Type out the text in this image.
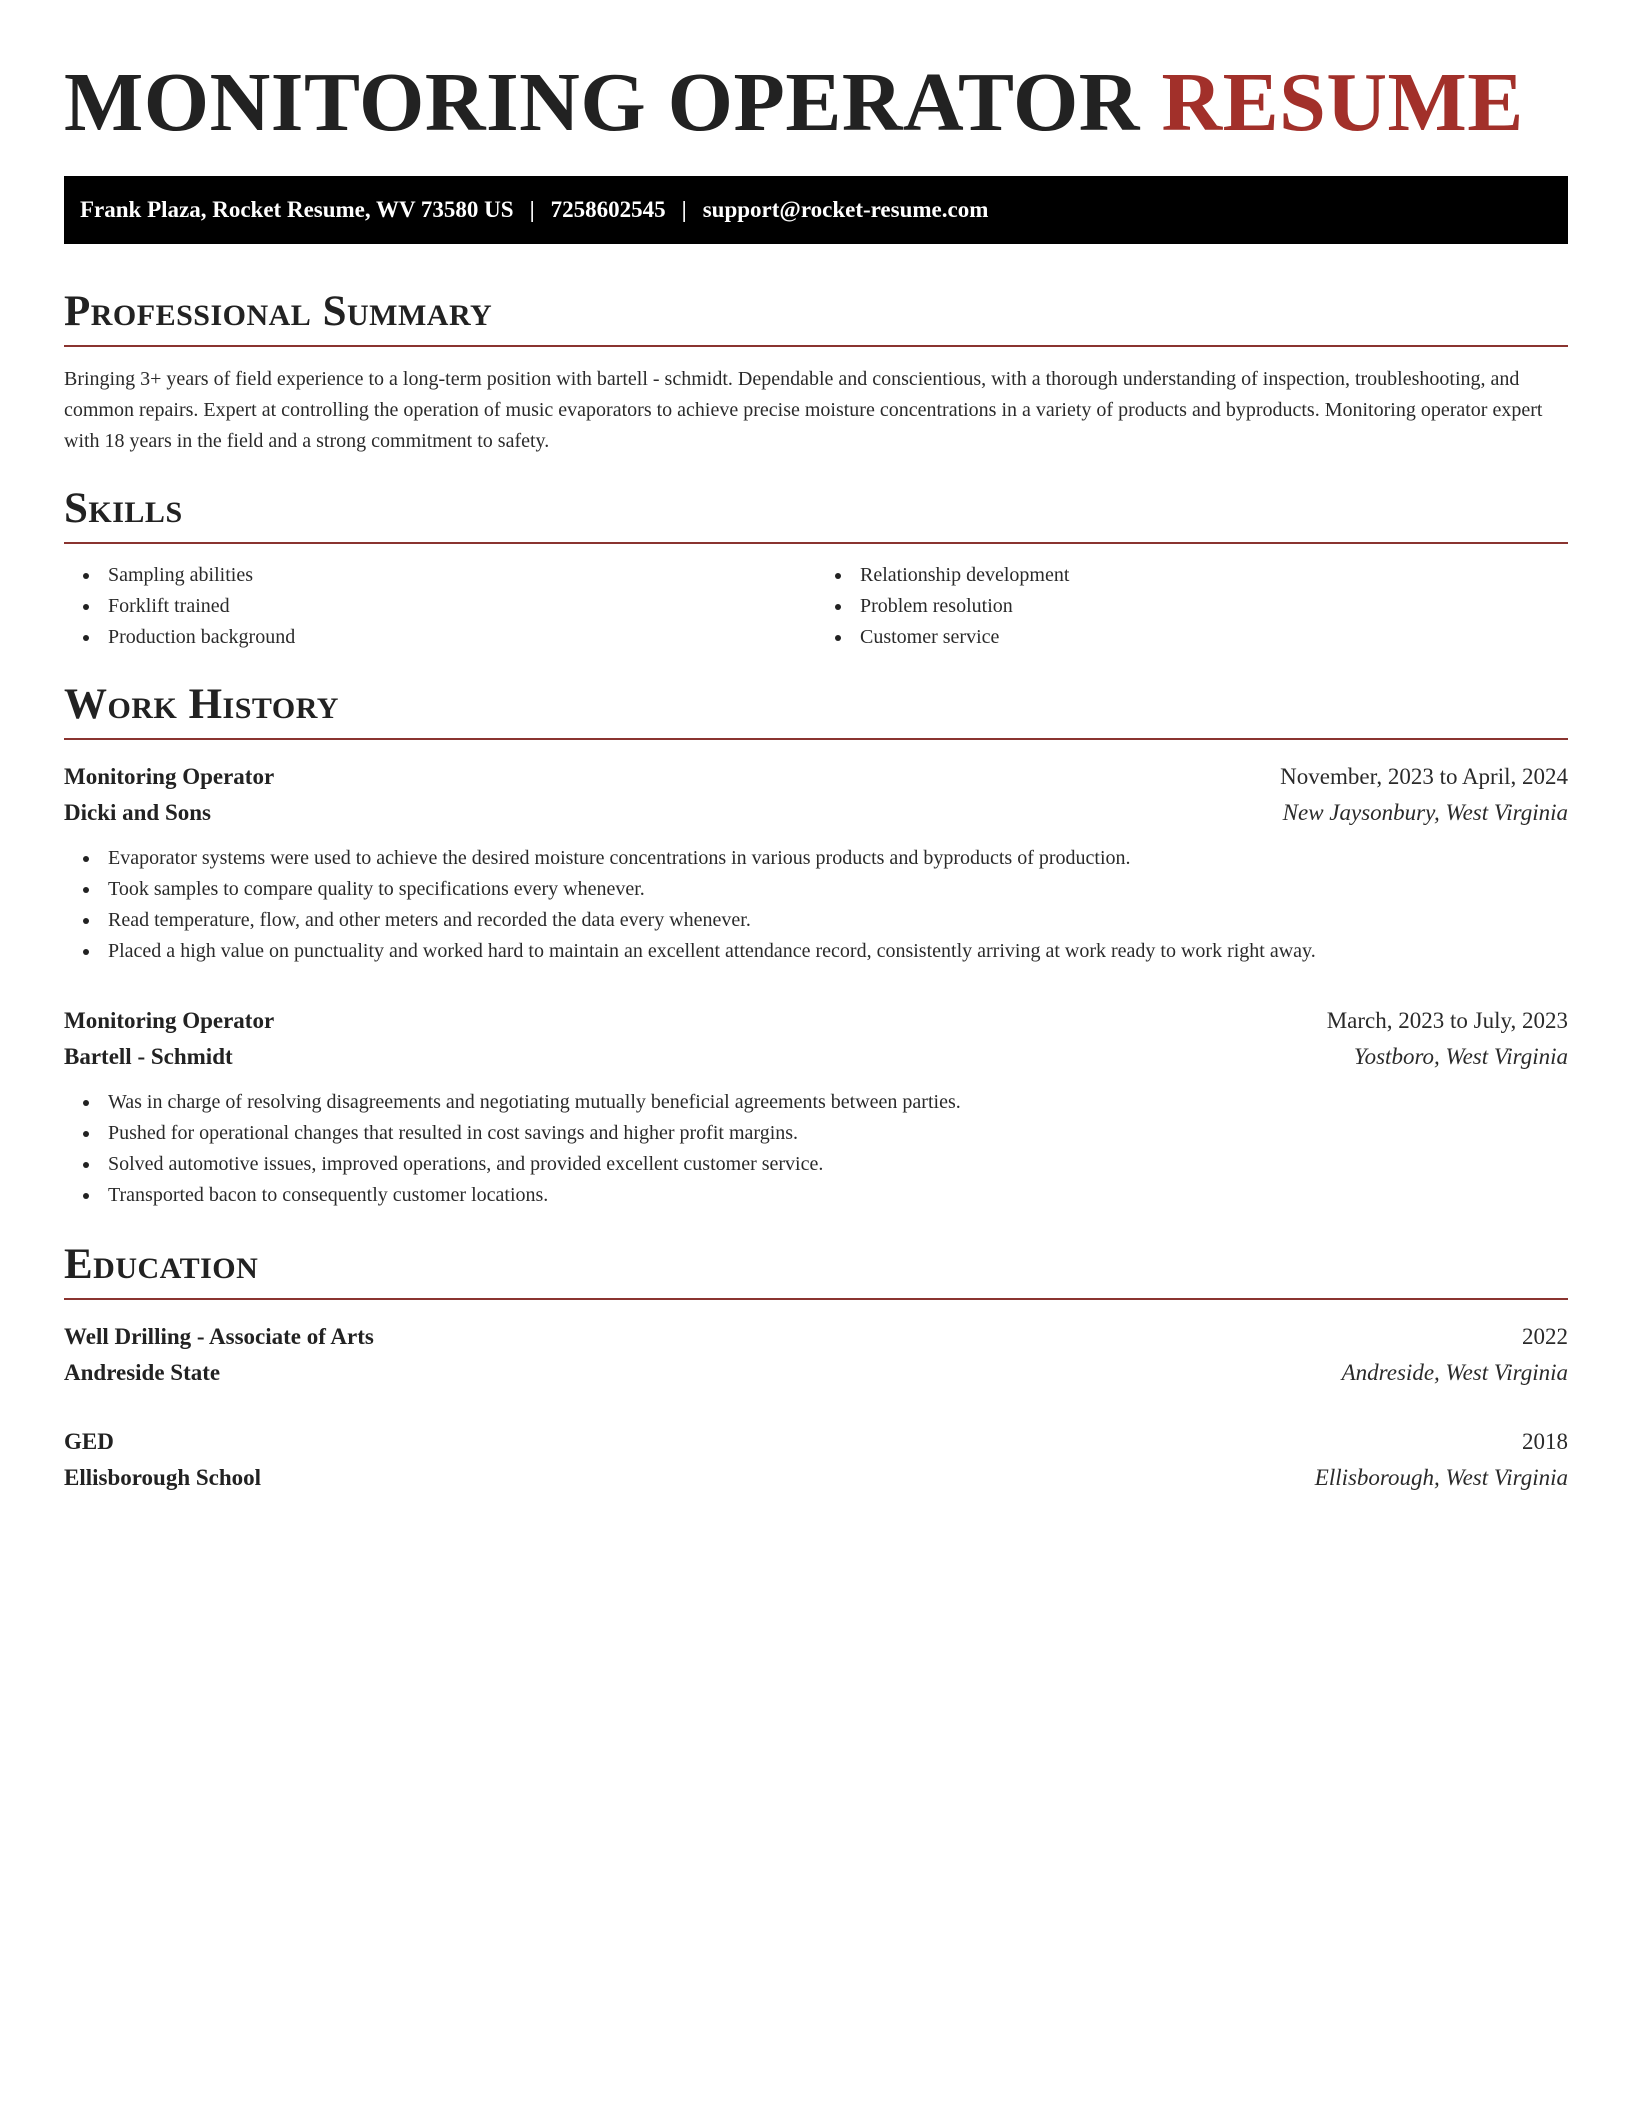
MONITORING OPERATOR RESUME
Frank Plaza, Rocket Resume, WV 73580 US | 7258602545 | support@rocket-resume.com
Professional Summary

Bringing 3+ years of field experience to a long-term position with bartell - schmidt. Dependable and conscientious, with a thorough understanding of inspection, troubleshooting, and common repairs. Expert at controlling the operation of music evaporators to achieve precise moisture concentrations in a variety of products and byproducts. Monitoring operator expert with 18 years in the field and a strong commitment to safety.

Skills
Sampling abilities
Forklift trained
Production background
Relationship development
Problem resolution
Customer service
Work History
Monitoring Operator	November, 2023 to April, 2024
Dicki and Sons	New Jaysonbury, West Virginia
Evaporator systems were used to achieve the desired moisture concentrations in various products and byproducts of production.
Took samples to compare quality to specifications every whenever.
Read temperature, flow, and other meters and recorded the data every whenever.
Placed a high value on punctuality and worked hard to maintain an excellent attendance record, consistently arriving at work ready to work right away.
Monitoring Operator	March, 2023 to July, 2023
Bartell - Schmidt	Yostboro, West Virginia
Was in charge of resolving disagreements and negotiating mutually beneficial agreements between parties.
Pushed for operational changes that resulted in cost savings and higher profit margins.
Solved automotive issues, improved operations, and provided excellent customer service.
Transported bacon to consequently customer locations.
Education
Well Drilling - Associate of Arts	2022
Andreside State	Andreside, West Virginia
GED	2018
Ellisborough School	Ellisborough, West Virginia
